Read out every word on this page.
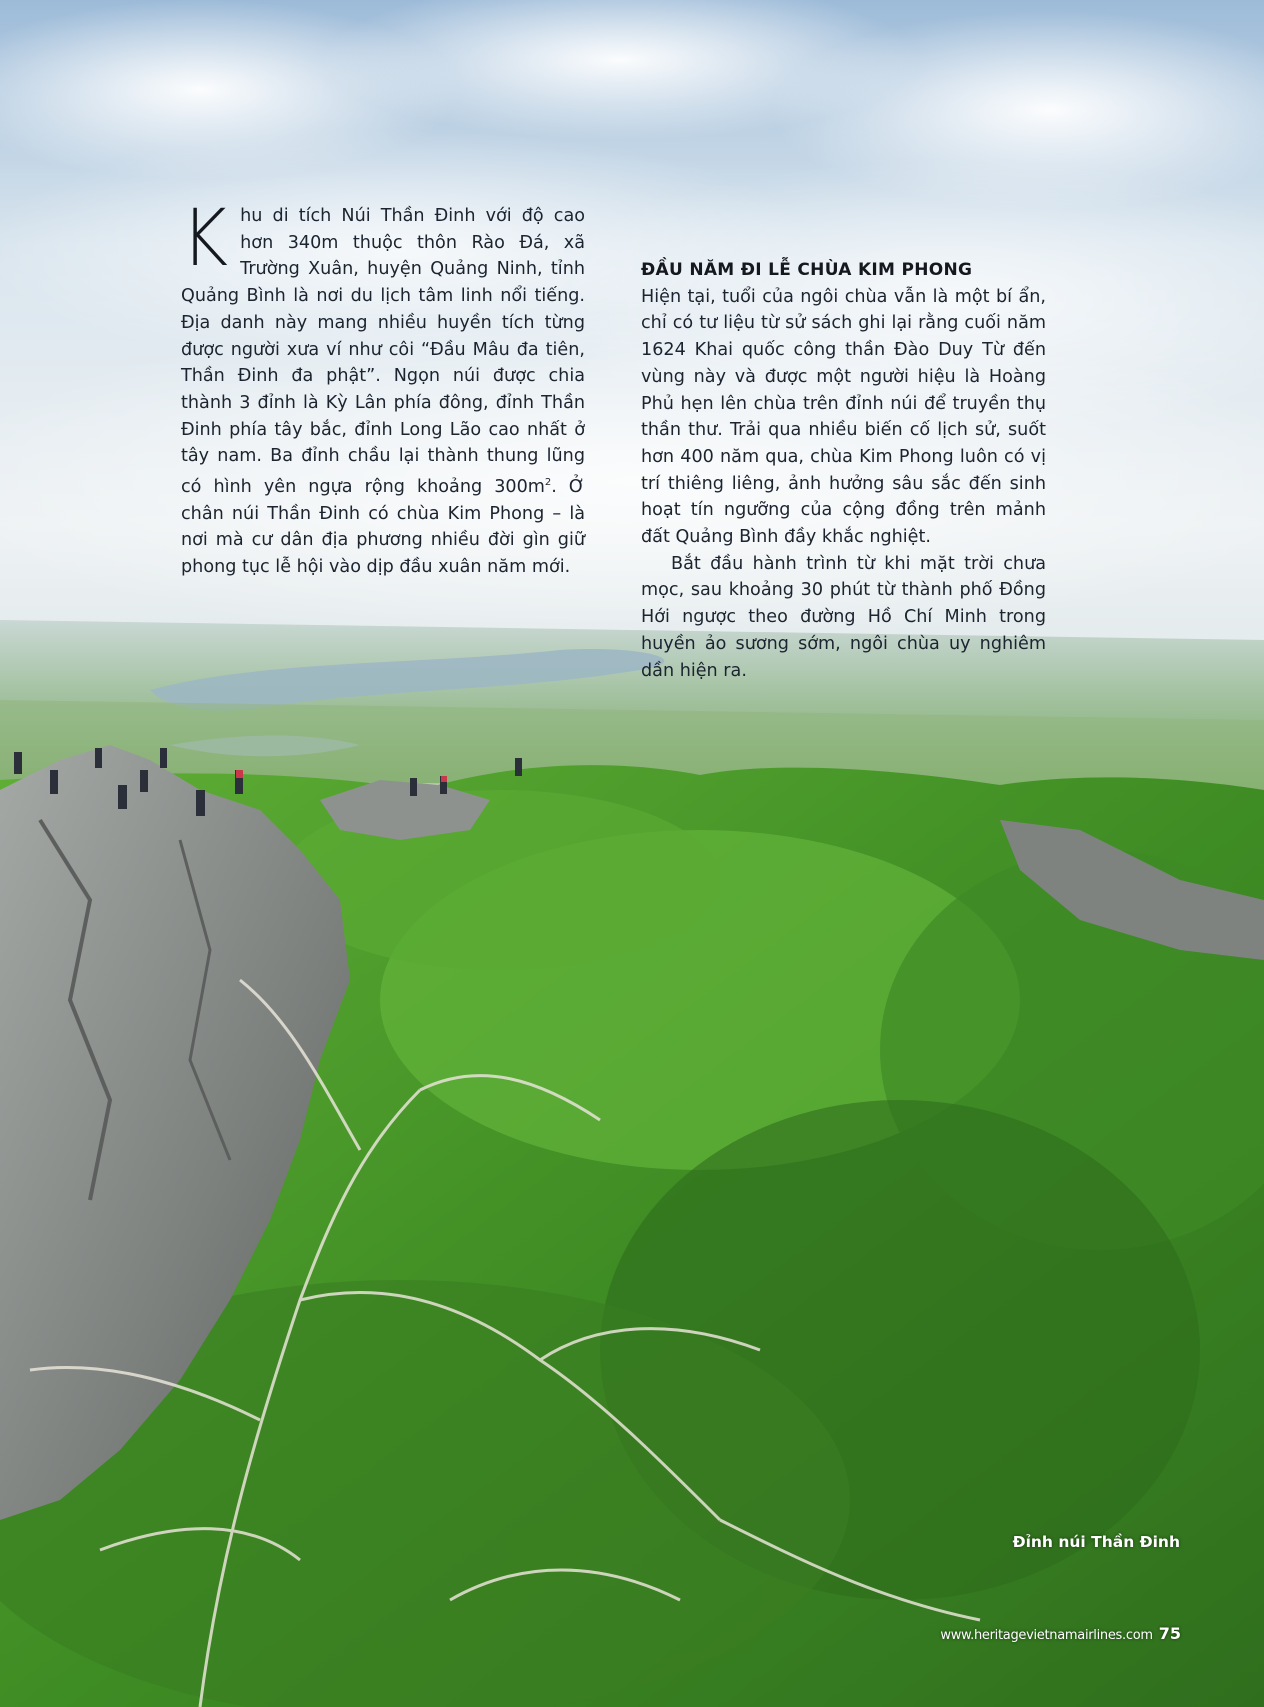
Khu di tích Núi Thần Đinh với độ cao hơn 340m thuộc thôn Rào Đá, xã Trường Xuân, huyện Quảng Ninh, tỉnh Quảng Bình là nơi du lịch tâm linh nổi tiếng. Địa danh này mang nhiều huyền tích từng được người xưa ví như côi “Đầu Mâu đa tiên, Thần Đinh đa phật”. Ngọn núi được chia thành 3 đỉnh là Kỳ Lân phía đông, đỉnh Thần Đinh phía tây bắc, đỉnh Long Lão cao nhất ở tây nam. Ba đỉnh chầu lại thành thung lũng có hình yên ngựa rộng khoảng $300m^2$. Ở chân núi Thần Đinh có chùa Kim Phong – là nơi mà cư dân địa phương nhiều đời gìn giữ phong tục lễ hội vào dịp đầu xuân năm mới.

ĐẦU NĂM ĐI LỄ CHÙA KIM PHONG

Hiện tại, tuổi của ngôi chùa vẫn là một bí ẩn, chỉ có tư liệu từ sử sách ghi lại rằng cuối năm 1624 Khai quốc công thần Đào Duy Từ đến vùng này và được một người hiệu là Hoàng Phủ hẹn lên chùa trên đỉnh núi để truyền thụ thần thư. Trải qua nhiều biến cố lịch sử, suốt hơn 400 năm qua, chùa Kim Phong luôn có vị trí thiêng liêng, ảnh hưởng sâu sắc đến sinh hoạt tín ngưỡng của cộng đồng trên mảnh đất Quảng Bình đầy khắc nghiệt.

Bắt đầu hành trình từ khi mặt trời chưa mọc, sau khoảng 30 phút từ thành phố Đồng Hới ngược theo đường Hồ Chí Minh trong huyền ảo sương sớm, ngôi chùa uy nghiêm dần hiện ra.

Đỉnh núi Thần Đinh
www.heritagevietnamairlines.com 75
